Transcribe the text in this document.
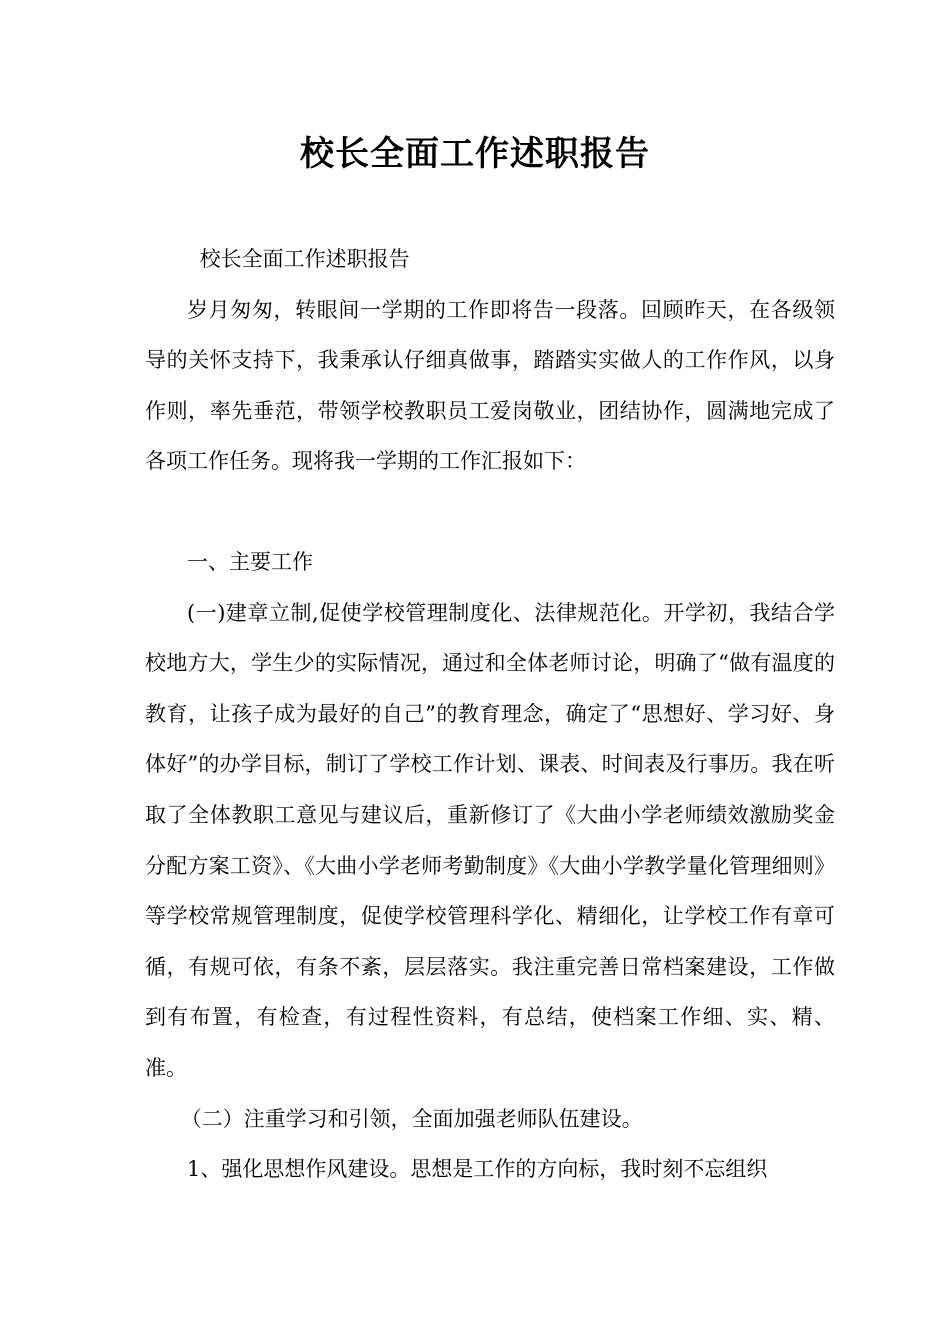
校长全面工作述职报告

校长全面工作述职报告

岁月匆匆，转眼间一学期的工作即将告一段落。回顾昨天，在各级领导的关怀支持下，我秉承认仔细真做事，踏踏实实做人的工作作风，以身作则，率先垂范，带领学校教职员工爱岗敬业，团结协作，圆满地完成了各项工作任务。现将我一学期的工作汇报如下：

一、主要工作

(一)建章立制,促使学校管理制度化、法律规范化。开学初，我结合学校地方大，学生少的实际情况，通过和全体老师讨论，明确了“做有温度的教育，让孩子成为最好的自己”的教育理念，确定了“思想好、学习好、身体好”的办学目标，制订了学校工作计划、课表、时间表及行事历。我在听取了全体教职工意见与建议后，重新修订了《大曲小学老师绩效激励奖金分配方案工资》、《大曲小学老师考勤制度》《大曲小学教学量化管理细则》等学校常规管理制度，促使学校管理科学化、精细化，让学校工作有章可循，有规可依，有条不紊，层层落实。我注重完善日常档案建设，工作做到有布置，有检查，有过程性资料，有总结，使档案工作细、实、精、准。

（二）注重学习和引领，全面加强老师队伍建设。

1、强化思想作风建设。思想是工作的方向标，我时刻不忘组织
